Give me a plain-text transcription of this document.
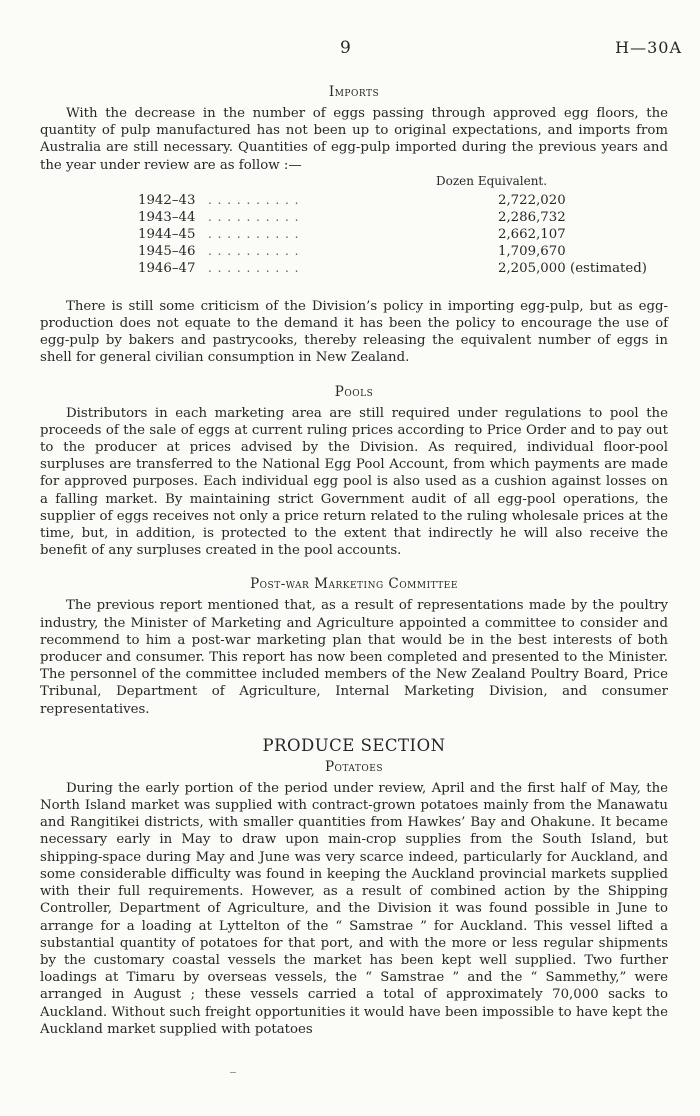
9	H—30A
Imports

With the decrease in the number of eggs passing through approved egg floors, the quantity of pulp manufactured has not been up to original expectations, and imports from Australia are still necessary. Quantities of egg-pulp imported during the previous years and the year under review are as follow :—

Dozen Equivalent.
1942–43 . . . . . . . . . .	2,722,020
1943–44 . . . . . . . . . .	2,286,732
1944–45 . . . . . . . . . .	2,662,107
1945–46 . . . . . . . . . .	1,709,670
1946–47 . . . . . . . . . .	2,205,000 (estimated)

There is still some criticism of the Division’s policy in importing egg-pulp, but as egg-production does not equate to the demand it has been the policy to encourage the use of egg-pulp by bakers and pastrycooks, thereby releasing the equivalent number of eggs in shell for general civilian consumption in New Zealand.

Pools

Distributors in each marketing area are still required under regulations to pool the proceeds of the sale of eggs at current ruling prices according to Price Order and to pay out to the producer at prices advised by the Division. As required, individual floor-pool surpluses are transferred to the National Egg Pool Account, from which payments are made for approved purposes. Each individual egg pool is also used as a cushion against losses on a falling market. By maintaining strict Government audit of all egg-pool operations, the supplier of eggs receives not only a price return related to the ruling wholesale prices at the time, but, in addition, is protected to the extent that indirectly he will also receive the benefit of any surpluses created in the pool accounts.

Post-war Marketing Committee

The previous report mentioned that, as a result of representations made by the poultry industry, the Minister of Marketing and Agriculture appointed a committee to consider and recommend to him a post-war marketing plan that would be in the best interests of both producer and consumer. This report has now been completed and presented to the Minister. The personnel of the committee included members of the New Zealand Poultry Board, Price Tribunal, Department of Agriculture, Internal Marketing Division, and consumer representatives.

PRODUCE SECTION
Potatoes

During the early portion of the period under review, April and the first half of May, the North Island market was supplied with contract-grown potatoes mainly from the Manawatu and Rangitikei districts, with smaller quantities from Hawkes’ Bay and Ohakune. It became necessary early in May to draw upon main-crop supplies from the South Island, but shipping-space during May and June was very scarce indeed, particularly for Auckland, and some considerable difficulty was found in keeping the Auckland provincial markets supplied with their full requirements. However, as a result of combined action by the Shipping Controller, Department of Agriculture, and the Division it was found possible in June to arrange for a loading at Lyttelton of the “ Samstrae ” for Auckland. This vessel lifted a substantial quantity of potatoes for that port, and with the more or less regular shipments by the customary coastal vessels the market has been kept well supplied. Two further loadings at Timaru by overseas vessels, the “ Samstrae ” and the “ Sammethy,” were arranged in August ; these vessels carried a total of approximately 70,000 sacks to Auckland. Without such freight opportunities it would have been impossible to have kept the Auckland market supplied with potatoes
